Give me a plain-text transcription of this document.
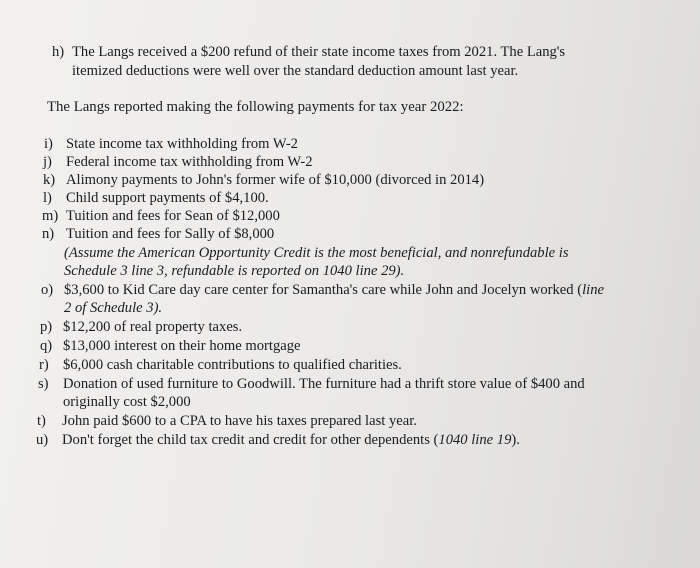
h) The Langs received a $200 refund of their state income taxes from 2021. The Lang's
itemized deductions were well over the standard deduction amount last year.
The Langs reported making the following payments for tax year 2022:
i) State income tax withholding from W-2
j) Federal income tax withholding from W-2
k) Alimony payments to John's former wife of $10,000 (divorced in 2014)
l) Child support payments of $4,100.
m) Tuition and fees for Sean of $12,000
n) Tuition and fees for Sally of $8,000
(Assume the American Opportunity Credit is the most beneficial, and nonrefundable is
Schedule 3 line 3, refundable is reported on 1040 line 29).
o) $3,600 to Kid Care day care center for Samantha's care while John and Jocelyn worked (line
2 of Schedule 3).
p) $12,200 of real property taxes.
q) $13,000 interest on their home mortgage
r) $6,000 cash charitable contributions to qualified charities.
s) Donation of used furniture to Goodwill. The furniture had a thrift store value of $400 and
originally cost $2,000
t)	John paid $600 to a CPA to have his taxes prepared last year.
u) Don't forget the child tax credit and credit for other dependents (1040 line 19).
